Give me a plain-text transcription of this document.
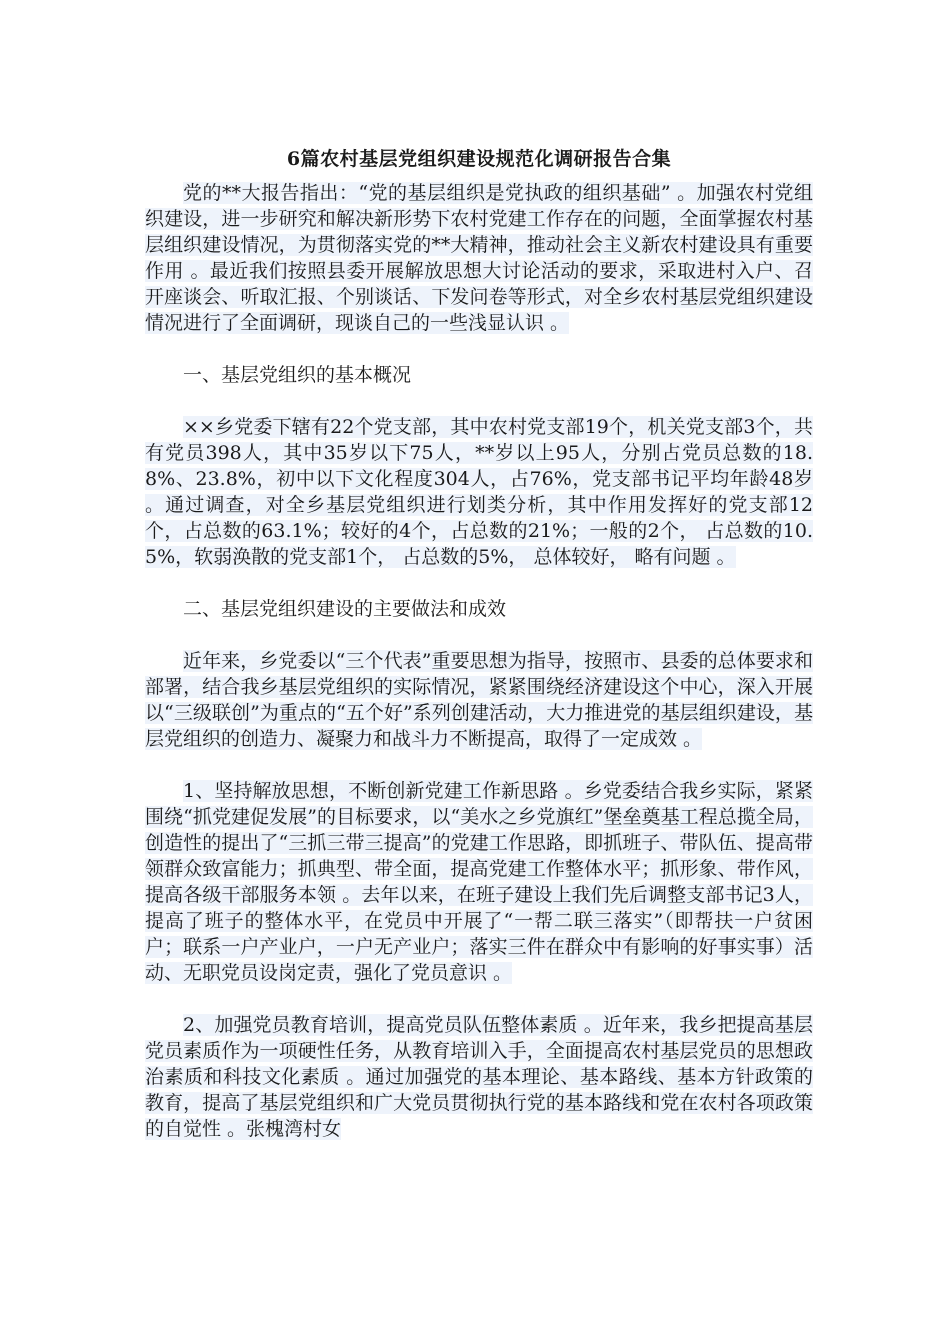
6篇农村基层党组织建设规范化调研报告合集

党的**大报告指出：“党的基层组织是党执政的组织基础” 。加强农村党组织建设，进一步研究和解决新形势下农村党建工作存在的问题，全面掌握农村基层组织建设情况，为贯彻落实党的**大精神，推动社会主义新农村建设具有重要作用 。最近我们按照县委开展解放思想大讨论活动的要求，采取进村入户、召开座谈会、听取汇报、个别谈话、下发问卷等形式，对全乡农村基层党组织建设情况进行了全面调研，现谈自己的一些浅显认识 。

一、基层党组织的基本概况

××乡党委下辖有22个党支部，其中农村党支部19个，机关党支部3个，共有党员398人，其中35岁以下75人，**岁以上95人，分别占党员总数的18.8%、23.8%，初中以下文化程度304人，占76%，党支部书记平均年龄48岁 。通过调查，对全乡基层党组织进行划类分析，其中作用发挥好的党支部12个，占总数的63.1%；较好的4个，占总数的21%；一般的2个， 占总数的10.5%，软弱涣散的党支部1个， 占总数的5%， 总体较好， 略有问题 。

二、基层党组织建设的主要做法和成效

近年来，乡党委以“三个代表”重要思想为指导，按照市、县委的总体要求和部署，结合我乡基层党组织的实际情况，紧紧围绕经济建设这个中心，深入开展以“三级联创”为重点的“五个好”系列创建活动，大力推进党的基层组织建设，基层党组织的创造力、凝聚力和战斗力不断提高，取得了一定成效 。

1、坚持解放思想，不断创新党建工作新思路 。乡党委结合我乡实际，紧紧围绕“抓党建促发展”的目标要求，以“美水之乡党旗红”堡垒奠基工程总揽全局，创造性的提出了“三抓三带三提高”的党建工作思路，即抓班子、带队伍、提高带领群众致富能力；抓典型、带全面，提高党建工作整体水平；抓形象、带作风，提高各级干部服务本领 。去年以来，在班子建设上我们先后调整支部书记3人，提高了班子的整体水平，在党员中开展了“一帮二联三落实”（即帮扶一户贫困户；联系一户产业户，一户无产业户；落实三件在群众中有影响的好事实事）活动、无职党员设岗定责，强化了党员意识 。

2、加强党员教育培训，提高党员队伍整体素质 。近年来，我乡把提高基层党员素质作为一项硬性任务，从教育培训入手，全面提高农村基层党员的思想政治素质和科技文化素质 。通过加强党的基本理论、基本路线、基本方针政策的教育，提高了基层党组织和广大党员贯彻执行党的基本路线和党在农村各项政策的自觉性 。张槐湾村女
